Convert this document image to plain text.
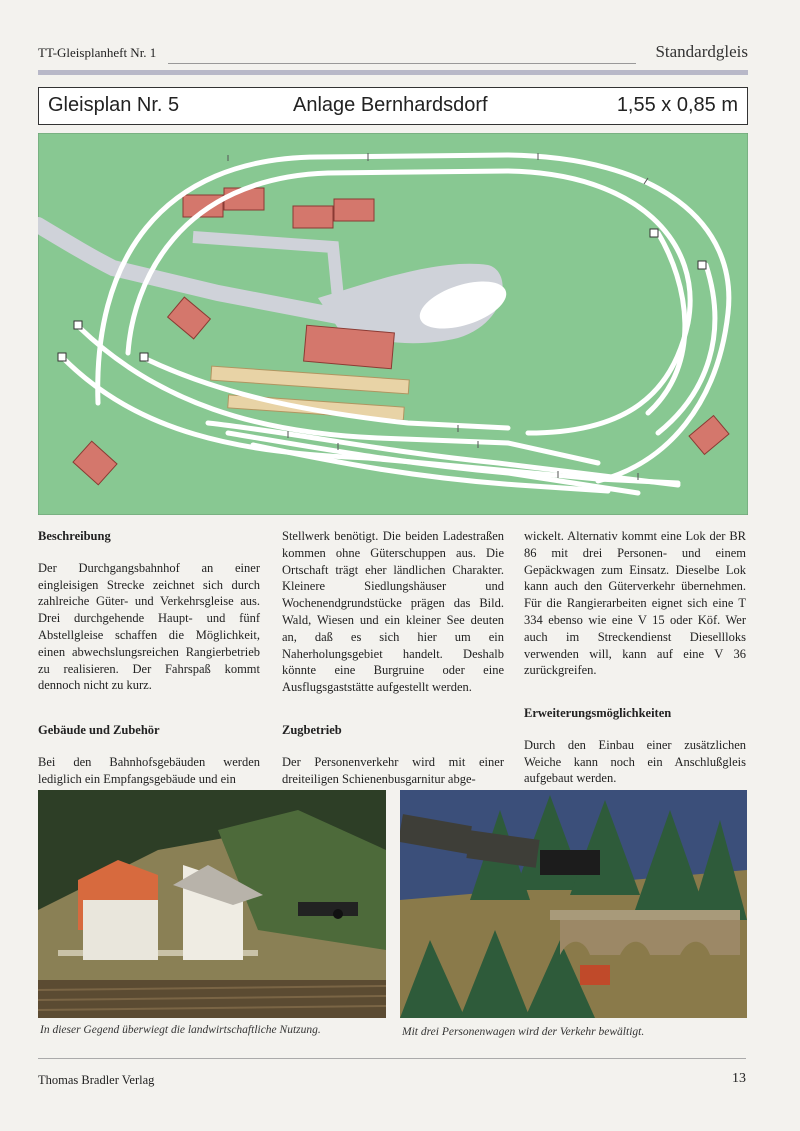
TT-Gleisplanheft Nr. 1	Standardgleis
Gleisplan Nr. 5	Anlage Bernhardsdorf	1,55 x 0,85 m

Beschreibung

Der Durchgangsbahnhof an einer eingleisigen Strecke zeichnet sich durch zahlreiche Güter- und Verkehrsgleise aus. Drei durchgehende Haupt- und fünf Abstellgleise schaffen die Möglichkeit, einen abwechslungsreichen Rangierbetrieb zu realisieren. Der Fahrspaß kommt dennoch nicht zu kurz.

Gebäude und Zubehör

Bei den Bahnhofsgebäuden werden lediglich ein Empfangsgebäude und ein

Stellwerk benötigt. Die beiden Ladestraßen kommen ohne Güterschuppen aus. Die Ortschaft trägt eher ländlichen Charakter. Kleinere Siedlungshäuser und Wochenendgrundstücke prägen das Bild. Wald, Wiesen und ein kleiner See deuten an, daß es sich hier um ein Naherholungsgebiet handelt. Deshalb könnte eine Burgruine oder eine Ausflugsgaststätte aufgestellt werden.

Zugbetrieb

Der Personenverkehr wird mit einer dreiteiligen Schienenbusgarnitur abge-

wickelt. Alternativ kommt eine Lok der BR 86 mit drei Personen- und einem Gepäckwagen zum Einsatz. Dieselbe Lok kann auch den Güterverkehr übernehmen. Für die Rangierarbeiten eignet sich eine T 334 ebenso wie eine V 15 oder Köf. Wer auch im Streckendienst Diesellloks verwenden will, kann auf eine V 36 zurückgreifen.

Erweiterungsmöglichkeiten

Durch den Einbau einer zusätzlichen Weiche kann noch ein Anschlußgleis aufgebaut werden.

In dieser Gegend überwiegt die landwirtschaftliche Nutzung.	Mit drei Personenwagen wird der Verkehr bewältigt.
Thomas Bradler Verlag	13
